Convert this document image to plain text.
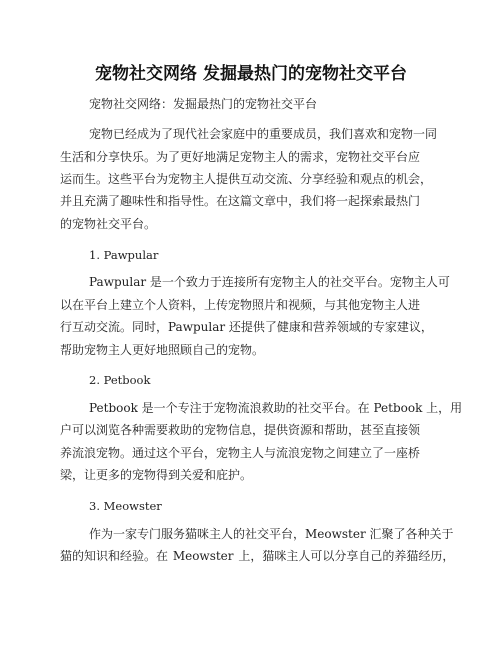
宠物社交网络 发掘最热门的宠物社交平台
宠物社交网络：发掘最热门的宠物社交平台
宠物已经成为了现代社会家庭中的重要成员，我们喜欢和宠物一同
生活和分享快乐。为了更好地满足宠物主人的需求，宠物社交平台应
运而生。这些平台为宠物主人提供互动交流、分享经验和观点的机会，
并且充满了趣味性和指导性。在这篇文章中，我们将一起探索最热门
的宠物社交平台。
1. Pawpular
Pawpular 是一个致力于连接所有宠物主人的社交平台。宠物主人可
以在平台上建立个人资料，上传宠物照片和视频，与其他宠物主人进
行互动交流。同时，Pawpular 还提供了健康和营养领域的专家建议，
帮助宠物主人更好地照顾自己的宠物。
2. Petbook
Petbook 是一个专注于宠物流浪救助的社交平台。在 Petbook 上，用
户可以浏览各种需要救助的宠物信息，提供资源和帮助，甚至直接领
养流浪宠物。通过这个平台，宠物主人与流浪宠物之间建立了一座桥
梁，让更多的宠物得到关爱和庇护。
3. Meowster
作为一家专门服务猫咪主人的社交平台，Meowster 汇聚了各种关于
猫的知识和经验。在 Meowster 上，猫咪主人可以分享自己的养猫经历，
